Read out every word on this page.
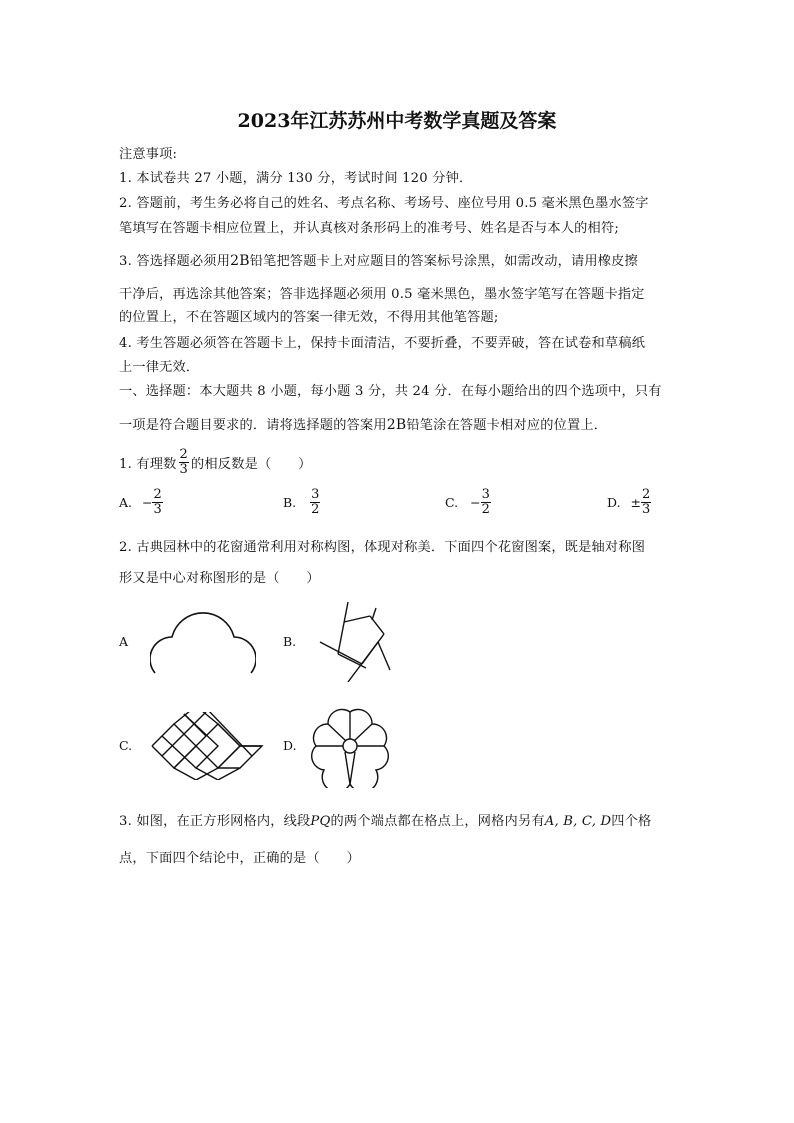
2023年江苏苏州中考数学真题及答案
注意事项:
1. 本试卷共 27 小题，满分 130 分，考试时间 120 分钟．
2. 答题前，考生务必将自己的姓名、考点名称、考场号、座位号用 0.5 毫米黑色墨水签字
笔填写在答题卡相应位置上，并认真核对条形码上的准考号、姓名是否与本人的相符;
3. 答选择题必须用2B铅笔把答题卡上对应题目的答案标号涂黑，如需改动，请用橡皮擦
干净后，再选涂其他答案；答非选择题必须用 0.5 毫米黑色，墨水签字笔写在答题卡指定
的位置上，不在答题区域内的答案一律无效，不得用其他笔答题;
4. 考生答题必须答在答题卡上，保持卡面清洁，不要折叠，不要弄破，答在试卷和草稿纸
上一律无效．
一、选择题：本大题共 8 小题，每小题 3 分，共 24 分．在每小题给出的四个选项中，只有
一项是符合题目要求的．请将选择题的答案用2B铅笔涂在答题卡相对应的位置上．
1. 有理数 $\frac{2}{3}$ 的相反数是（　　）
A. − $\frac{2}{3}$	B. $\frac{3}{2}$	C. − $\frac{3}{2}$	D. ± $\frac{2}{3}$
2. 古典园林中的花窗通常利用对称构图，体现对称美．下面四个花窗图案，既是轴对称图
形又是中心对称图形的是（　　）
A	B.
C.	D.
3. 如图，在正方形网格内，线段PQ的两个端点都在格点上，网格内另有A, B, C, D四个格
点，下面四个结论中，正确的是（　　）
